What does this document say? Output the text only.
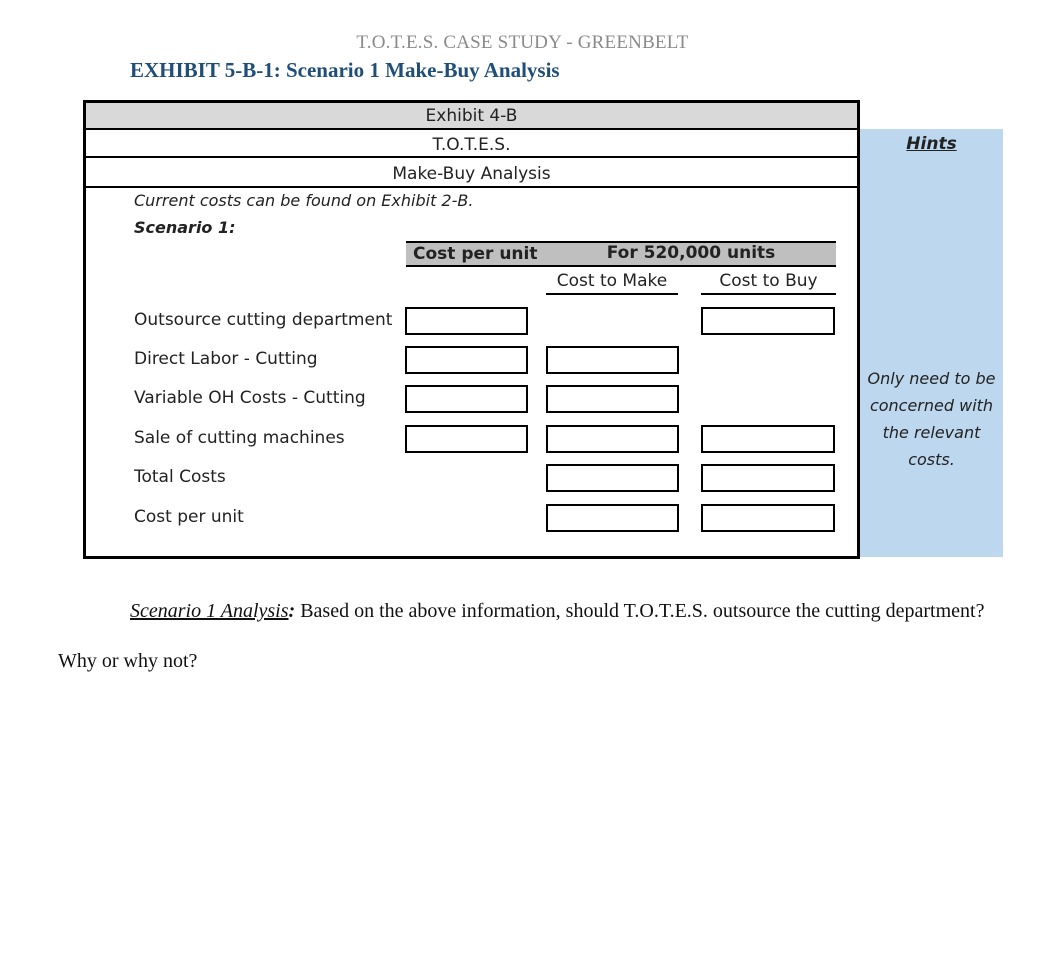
T.O.T.E.S. CASE STUDY - GREENBELT
EXHIBIT 5-B-1: Scenario 1 Make-Buy Analysis
Exhibit 4-B
T.O.T.E.S.
Make-Buy Analysis
Current costs can be found on Exhibit 2-B.
Scenario 1:
Cost per unit	For 520,000 units
Cost to Make	Cost to Buy
Outsource cutting department
Direct Labor - Cutting
Variable OH Costs - Cutting
Sale of cutting machines
Total Costs
Cost per unit
Hints
Only need to be concerned with the relevant costs.
Scenario 1 Analysis: Based on the above information, should T.O.T.E.S. outsource the cutting department? Why or why not?
